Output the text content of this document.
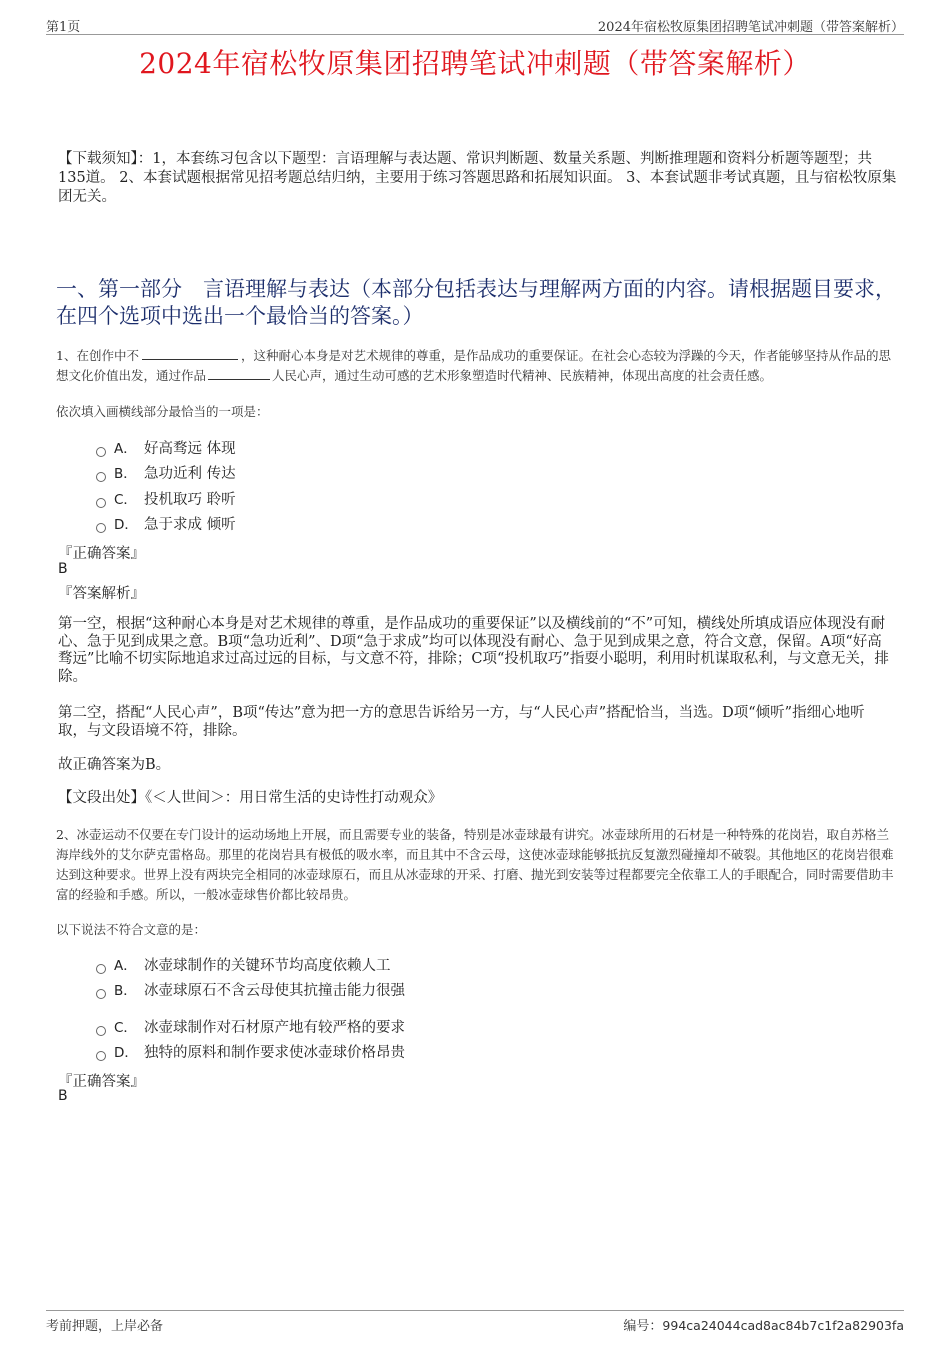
第1页	2024年宿松牧原集团招聘笔试冲刺题（带答案解析）
2024年宿松牧原集团招聘笔试冲刺题（带答案解析）
【下载须知】：1，本套练习包含以下题型：言语理解与表达题、常识判断题、数量关系题、判断推理题和资料分析题等题型；共135道。 2、本套试题根据常见招考题总结归纳，主要用于练习答题思路和拓展知识面。 3、本套试题非考试真题，且与宿松牧原集团无关。
一、第一部分　言语理解与表达（本部分包括表达与理解两方面的内容。请根据题目要求，在四个选项中选出一个最恰当的答案。）
1、在创作中不	，这种耐心本身是对艺术规律的尊重，是作品成功的重要保证。在社会心态较为浮躁的今天，作者能够坚持从作品的思想文化价值出发，通过作品	人民心声，通过生动可感的艺术形象塑造时代精神、民族精神，体现出高度的社会责任感。
依次填入画横线部分最恰当的一项是：
A． 好高骛远 体现
B． 急功近利 传达
C． 投机取巧 聆听
D． 急于求成 倾听
『正确答案』
B
『答案解析』
第一空，根据“这种耐心本身是对艺术规律的尊重，是作品成功的重要保证”以及横线前的“不”可知，横线处所填成语应体现没有耐心、急于见到成果之意。B项“急功近利”、D项“急于求成”均可以体现没有耐心、急于见到成果之意，符合文意，保留。A项“好高骛远”比喻不切实际地追求过高过远的目标，与文意不符，排除；C项“投机取巧”指耍小聪明，利用时机谋取私利，与文意无关，排除。
第二空，搭配“人民心声”，B项“传达”意为把一方的意思告诉给另一方，与“人民心声”搭配恰当，当选。D项“倾听”指细心地听取，与文段语境不符，排除。
故正确答案为B。
【文段出处】《＜人世间＞：用日常生活的史诗性打动观众》
2、冰壶运动不仅要在专门设计的运动场地上开展，而且需要专业的装备，特别是冰壶球最有讲究。冰壶球所用的石材是一种特殊的花岗岩，取自苏格兰海岸线外的艾尔萨克雷格岛。那里的花岗岩具有极低的吸水率，而且其中不含云母，这使冰壶球能够抵抗反复激烈碰撞却不破裂。其他地区的花岗岩很难达到这种要求。世界上没有两块完全相同的冰壶球原石，而且从冰壶球的开采、打磨、抛光到安装等过程都要完全依靠工人的手眼配合，同时需要借助丰富的经验和手感。所以，一般冰壶球售价都比较昂贵。
以下说法不符合文意的是：
A． 冰壶球制作的关键环节均高度依赖人工
B． 冰壶球原石不含云母使其抗撞击能力很强
C． 冰壶球制作对石材原产地有较严格的要求
D． 独特的原料和制作要求使冰壶球价格昂贵
『正确答案』
B
考前押题，上岸必备	编号：994ca24044cad8ac84b7c1f2a82903fa
